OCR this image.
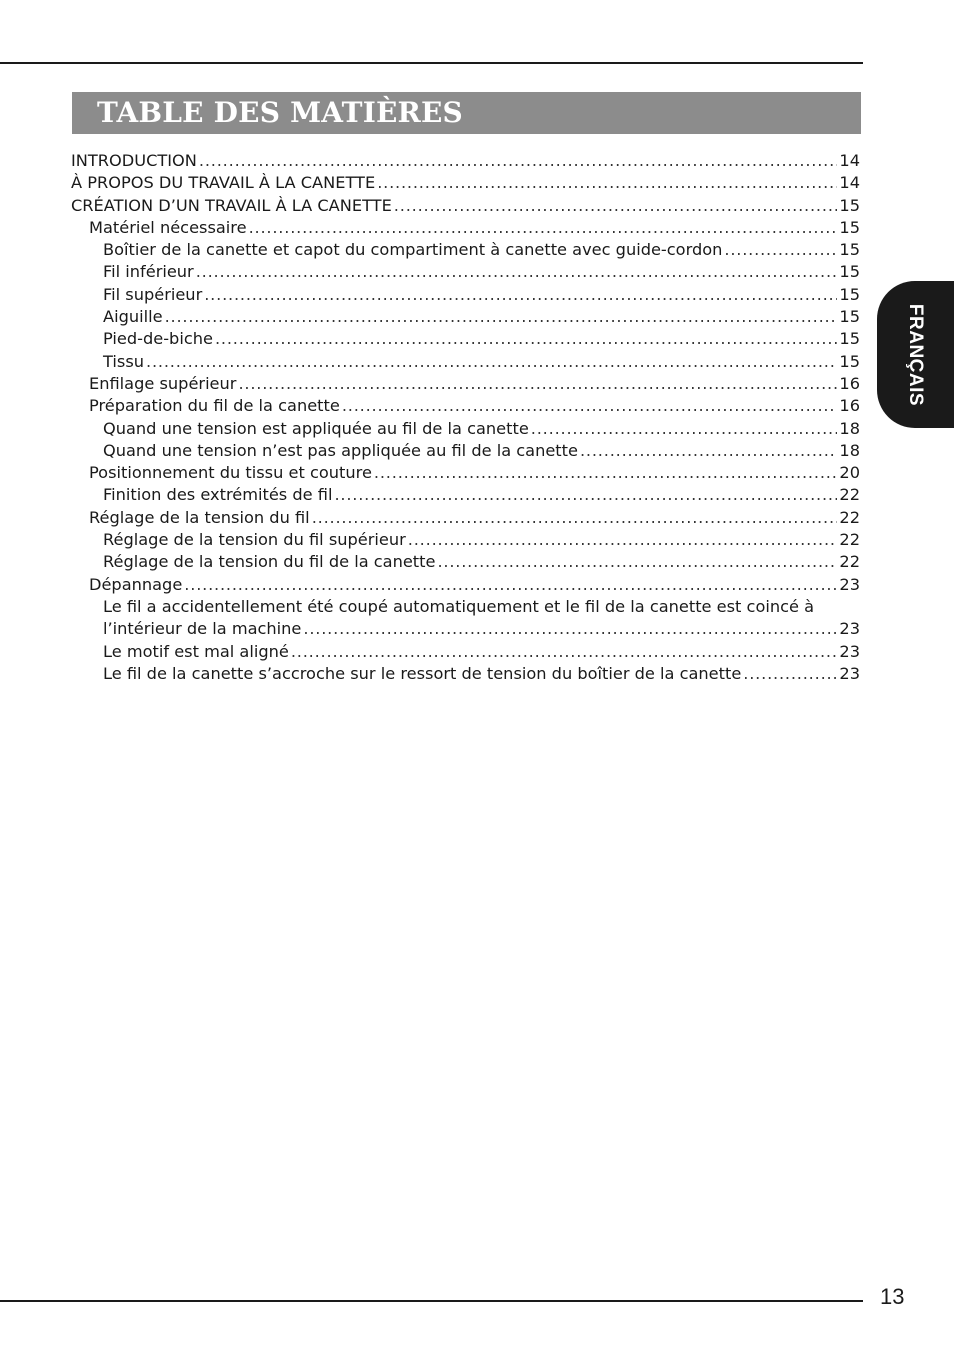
TABLE DES MATIÈRES
INTRODUCTION .....	14
À PROPOS DU TRAVAIL À LA CANETTE .....	14
CRÉATION D’UN TRAVAIL À LA CANETTE .....	15
Matériel nécessaire .....	15
Boîtier de la canette et capot du compartiment à canette avec guide-cordon .....	15
Fil inférieur .....	15
Fil supérieur .....	15
Aiguille .....	15
Pied-de-biche .....	15
Tissu .....	15
Enfilage supérieur .....	16
Préparation du fil de la canette .....	16
Quand une tension est appliquée au fil de la canette .....	18
Quand une tension n’est pas appliquée au fil de la canette .....	18
Positionnement du tissu et couture .....	20
Finition des extrémités de fil .....	22
Réglage de la tension du fil .....	22
Réglage de la tension du fil supérieur .....	22
Réglage de la tension du fil de la canette .....	22
Dépannage .....	23
Le fil a accidentellement été coupé automatiquement et le fil de la canette est coincé à
l’intérieur de la machine .....	23
Le motif est mal aligné .....	23
Le fil de la canette s’accroche sur le ressort de tension du boîtier de la canette .....	23
FRANÇAIS
13
